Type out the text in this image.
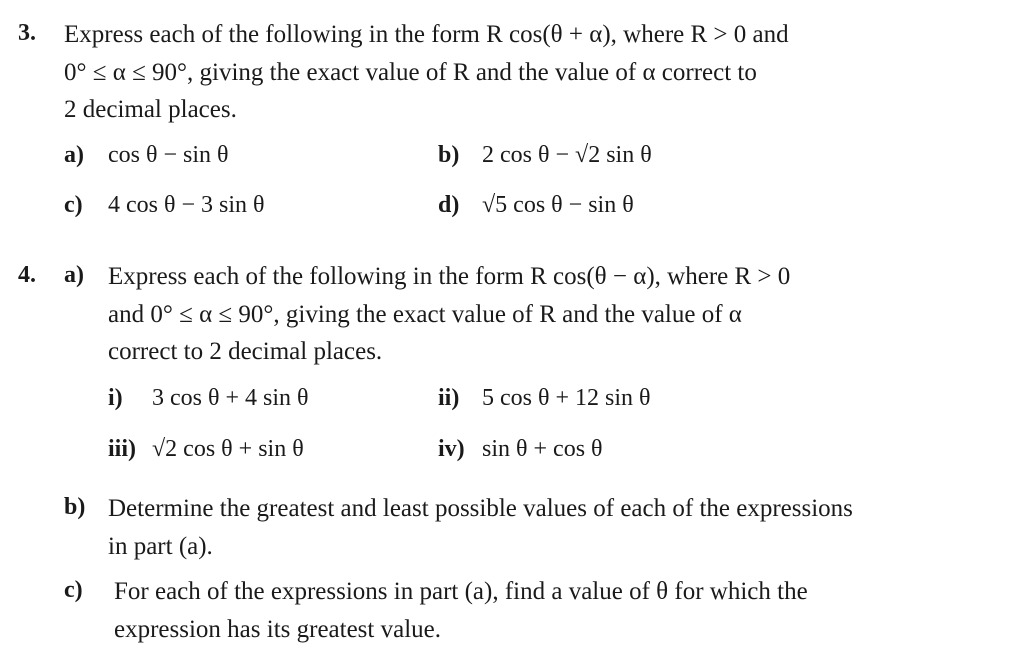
3. Express each of the following in the form R cos(θ + α), where R > 0 and
0° ≤ α ≤ 90°, giving the exact value of R and the value of α correct to
2 decimal places.
a) cos θ − sin θ	b) 2 cos θ − √2 sin θ
c) 4 cos θ − 3 sin θ	d) √5 cos θ − sin θ
4. a) Express each of the following in the form R cos(θ − α), where R > 0
and 0° ≤ α ≤ 90°, giving the exact value of R and the value of α
correct to 2 decimal places.
i) 3 cos θ + 4 sin θ	ii) 5 cos θ + 12 sin θ
iii) √2 cos θ + sin θ	iv) sin θ + cos θ
b) Determine the greatest and least possible values of each of the expressions
in part (a).
c) For each of the expressions in part (a), find a value of θ for which the
expression has its greatest value.
